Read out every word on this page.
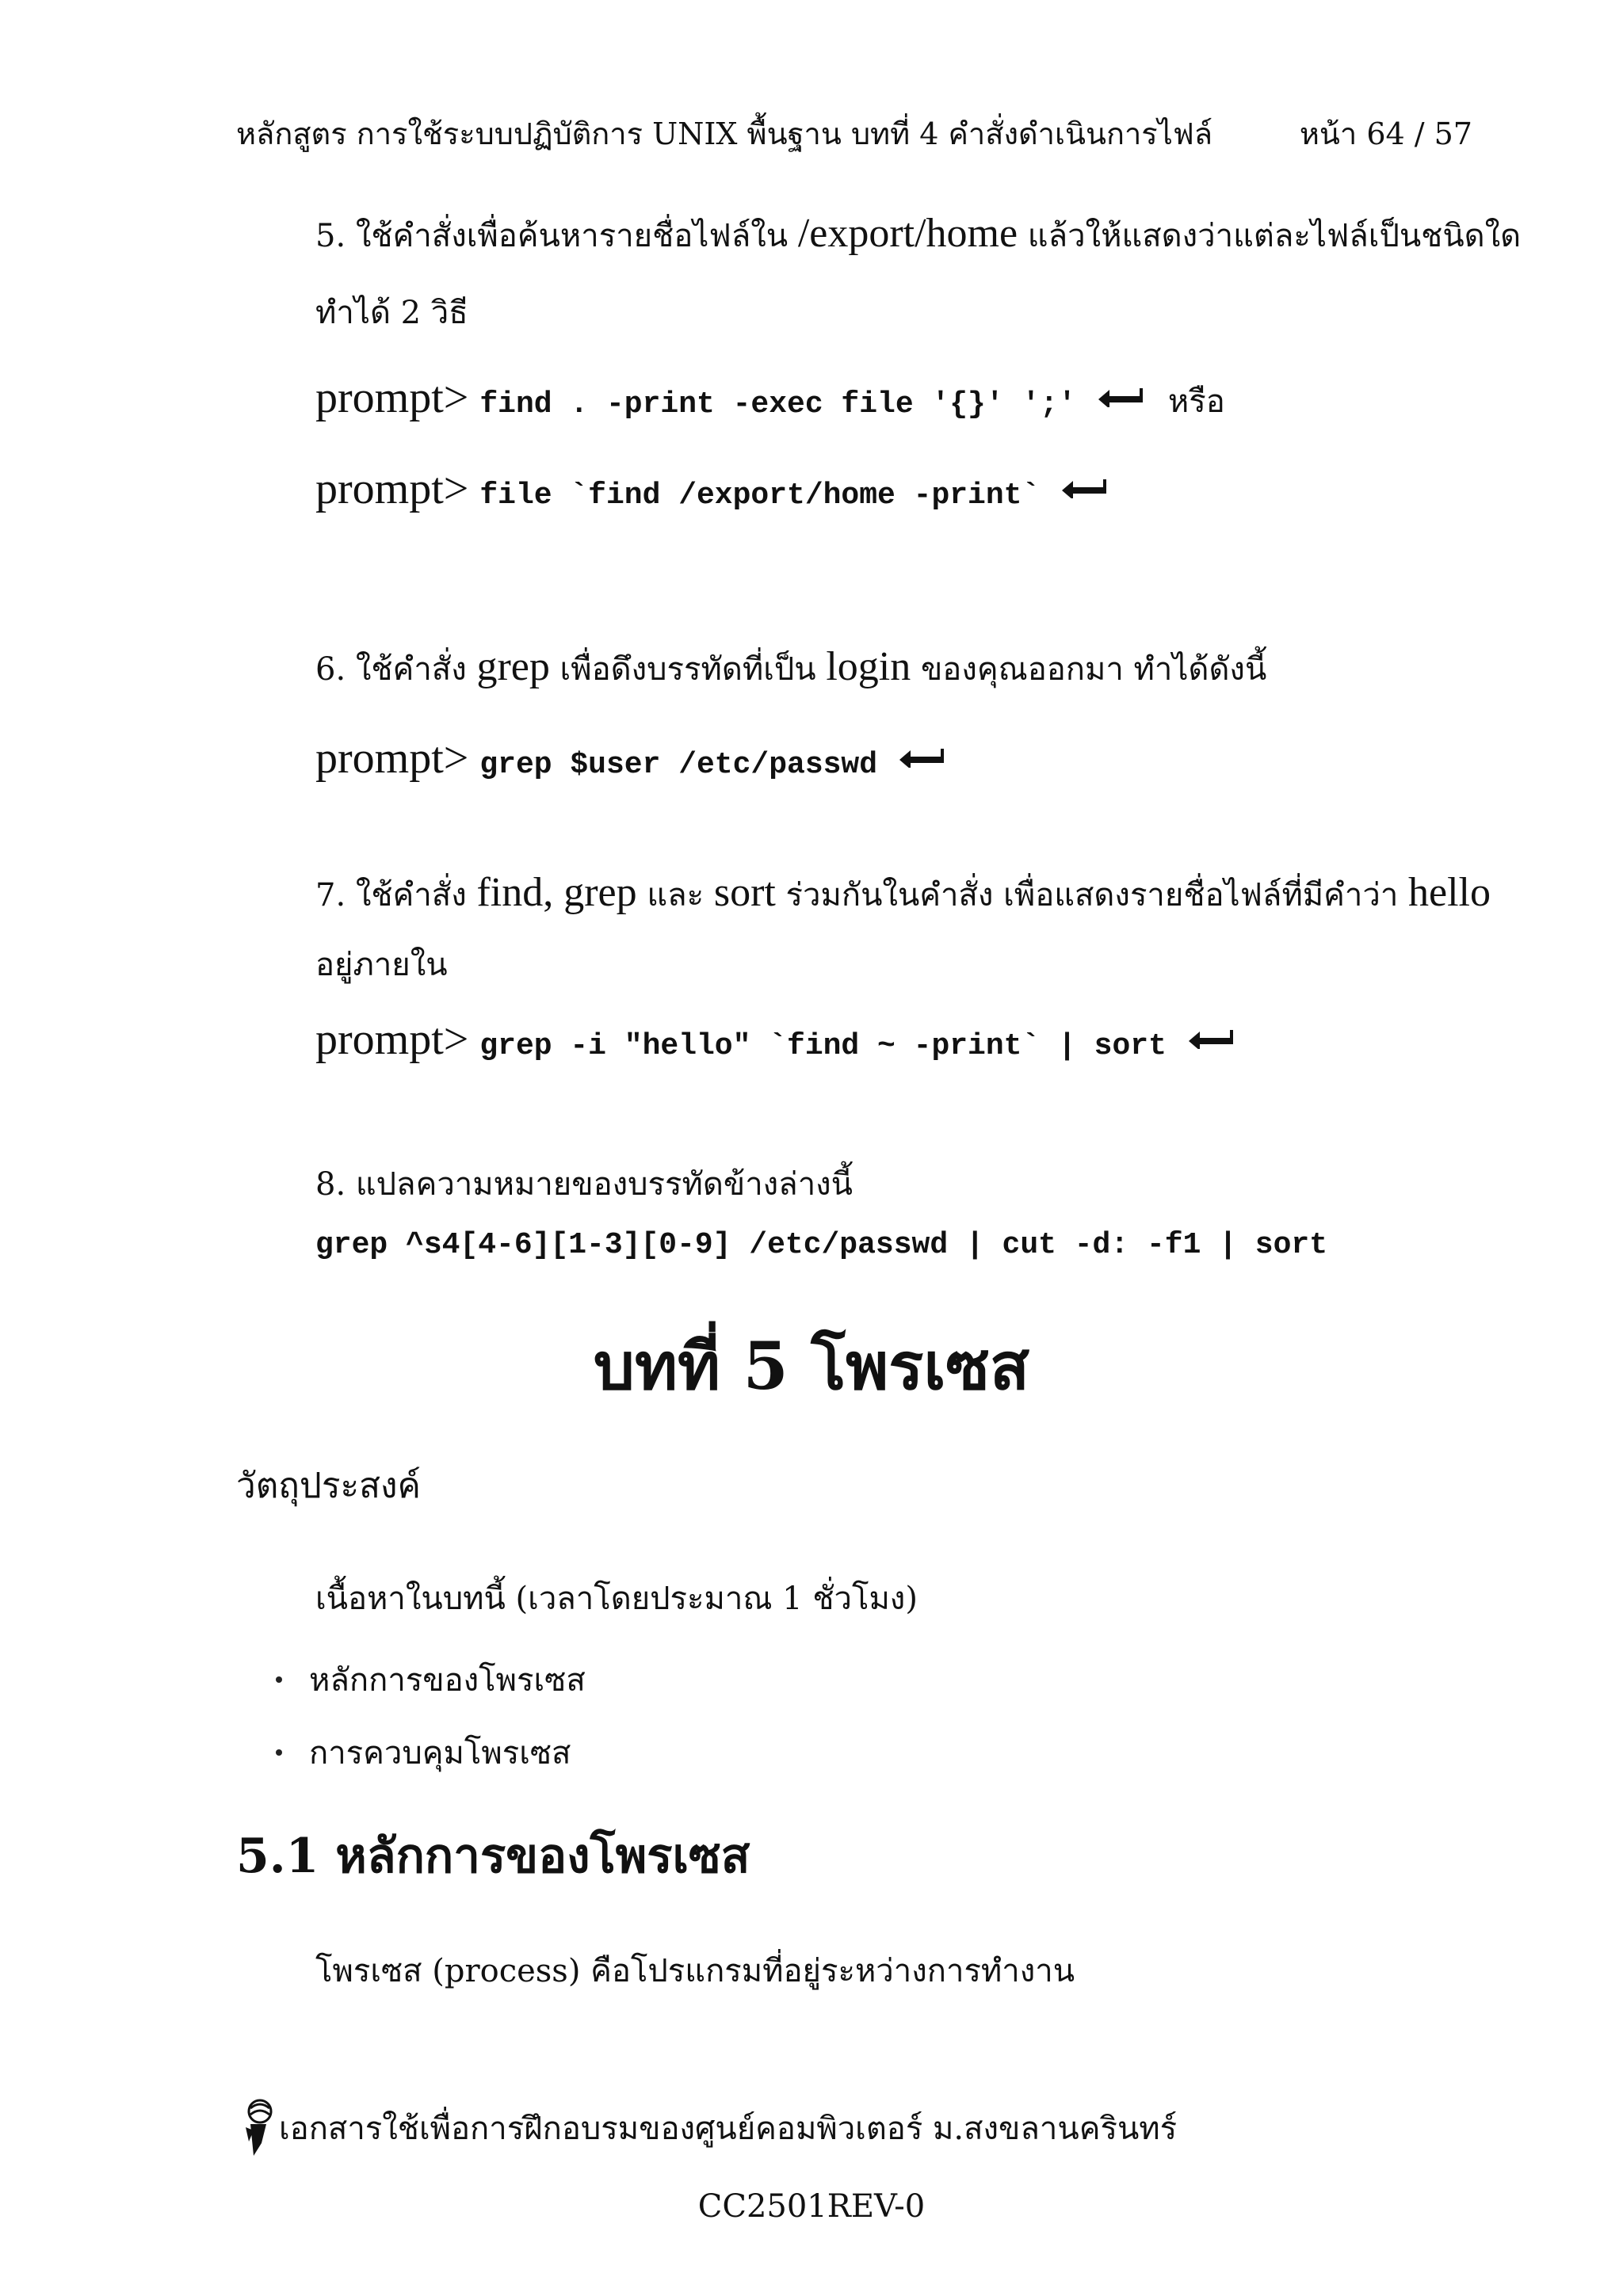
หลักสูตร การใช้ระบบปฏิบัติการ UNIX พื้นฐาน บทที่ 4 คำสั่งดำเนินการไฟล์	หน้า 64 / 57
5. ใช้คำสั่งเพื่อค้นหารายชื่อไฟล์ใน /export/home แล้วให้แสดงว่าแต่ละไฟล์เป็นชนิดใด
ทำได้ 2 วิธี
prompt> find . -print -exec file '{}' ';'	หรือ
prompt> file `find /export/home -print`
6. ใช้คำสั่ง grep เพื่อดึงบรรทัดที่เป็น login ของคุณออกมา ทำได้ดังนี้
prompt> grep $user /etc/passwd
7. ใช้คำสั่ง find, grep และ sort ร่วมกันในคำสั่ง เพื่อแสดงรายชื่อไฟล์ที่มีคำว่า hello
อยู่ภายใน
prompt> grep -i "hello" `find ~ -print` | sort
8. แปลความหมายของบรรทัดข้างล่างนี้
grep ^s4[4-6][1-3][0-9] /etc/passwd | cut -d: -f1 | sort
บทที่ 5 โพรเซส
วัตถุประสงค์
เนื้อหาในบทนี้ (เวลาโดยประมาณ 1 ชั่วโมง)
หลักการของโพรเซส
การควบคุมโพรเซส
5.1 หลักการของโพรเซส
โพรเซส (process) คือโปรแกรมที่อยู่ระหว่างการทำงาน
เอกสารใช้เพื่อการฝึกอบรมของศูนย์คอมพิวเตอร์ ม.สงขลานครินทร์
CC2501REV-0
